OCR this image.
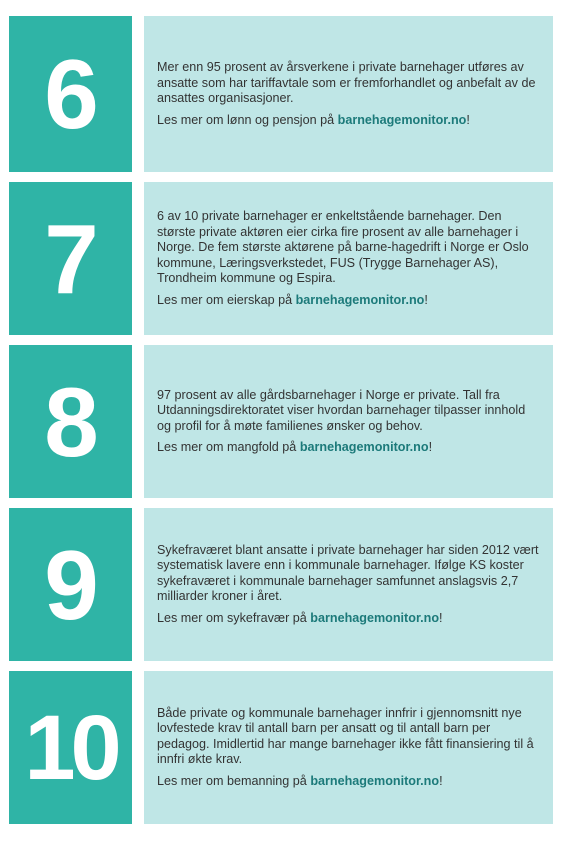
6	Mer enn 95 prosent av årsverkene i private barnehager utføres av ansatte som har tariffavtale som er fremforhandlet og anbefalt av de ansattes organisasjoner.

Les mer om lønn og pensjon på barnehagemonitor.no!

7	6 av 10 private barnehager er enkeltstående barnehager. Den største private aktøren eier cirka fire prosent av alle barnehager i Norge. De fem største aktørene på barne-hagedrift i Norge er Oslo kommune, Læringsverkstedet, FUS (Trygge Barnehager AS), Trondheim kommune og Espira.

Les mer om eierskap på barnehagemonitor.no!

8	97 prosent av alle gårdsbarnehager i Norge er private. Tall fra Utdanningsdirektoratet viser hvordan barnehager tilpasser innhold og profil for å møte familienes ønsker og behov.

Les mer om mangfold på barnehagemonitor.no!

9	Sykefraværet blant ansatte i private barnehager har siden 2012 vært systematisk lavere enn i kommunale barnehager. Ifølge KS koster sykefraværet i kommunale barnehager samfunnet anslagsvis 2,7 milliarder kroner i året.

Les mer om sykefravær på barnehagemonitor.no!

10	Både private og kommunale barnehager innfrir i gjennomsnitt nye lovfestede krav til antall barn per ansatt og til antall barn per pedagog. Imidlertid har mange barnehager ikke fått finansiering til å innfri økte krav.

Les mer om bemanning på barnehagemonitor.no!
